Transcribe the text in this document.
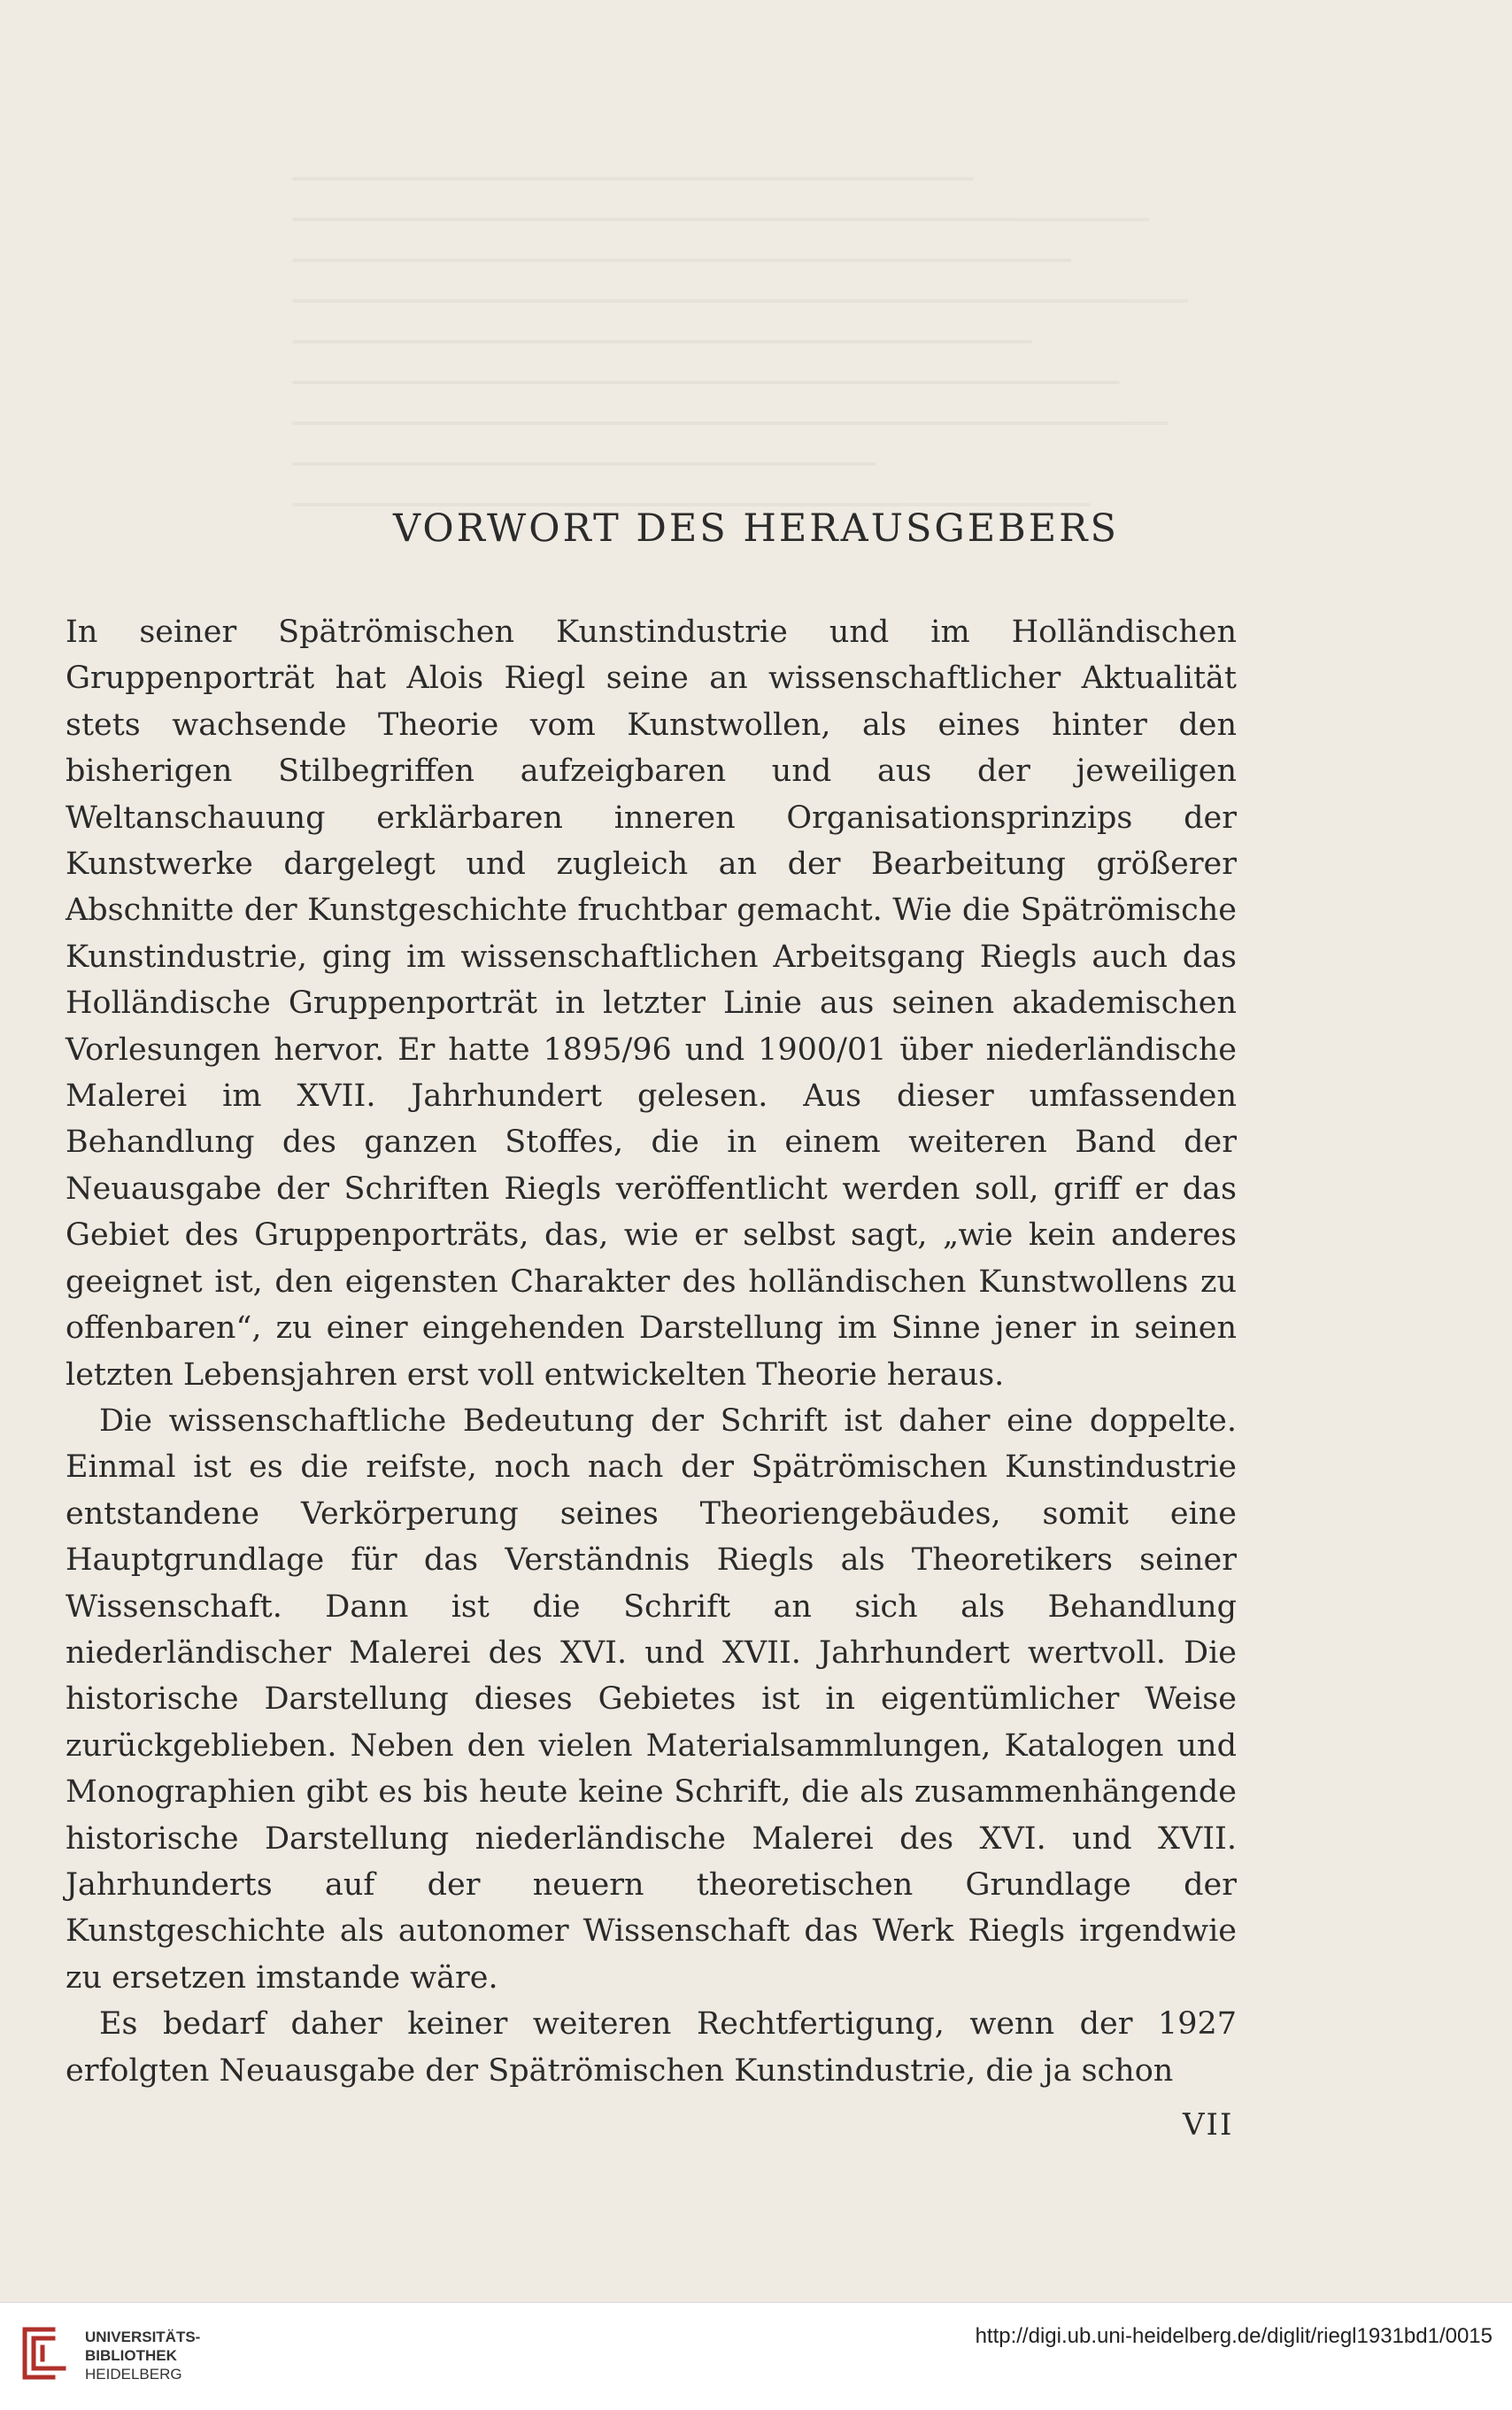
VORWORT DES HERAUSGEBERS

In seiner Spätrömischen Kunstindustrie und im Holländischen Gruppenporträt hat Alois Riegl seine an wissenschaftlicher Aktualität stets wachsende Theorie vom Kunstwollen, als eines hinter den bisherigen Stilbegriffen aufzeigbaren und aus der jeweiligen Weltanschauung erklärbaren inneren Organisationsprinzips der Kunstwerke dargelegt und zugleich an der Bearbeitung größerer Abschnitte der Kunstgeschichte fruchtbar gemacht. Wie die Spätrömische Kunstindustrie, ging im wissenschaftlichen Arbeitsgang Riegls auch das Holländische Gruppenporträt in letzter Linie aus seinen akademischen Vorlesungen hervor. Er hatte 1895/96 und 1900/01 über niederländische Malerei im XVII. Jahrhundert gelesen. Aus dieser umfassenden Behandlung des ganzen Stoffes, die in einem weiteren Band der Neuausgabe der Schriften Riegls veröffentlicht werden soll, griff er das Gebiet des Gruppenporträts, das, wie er selbst sagt, „wie kein anderes geeignet ist, den eigensten Charakter des holländischen Kunstwollens zu offenbaren“, zu einer eingehenden Darstellung im Sinne jener in seinen letzten Lebensjahren erst voll entwickelten Theorie heraus.

Die wissenschaftliche Bedeutung der Schrift ist daher eine doppelte. Einmal ist es die reifste, noch nach der Spätrömischen Kunstindustrie entstandene Verkörperung seines Theoriengebäudes, somit eine Hauptgrundlage für das Verständnis Riegls als Theoretikers seiner Wissenschaft. Dann ist die Schrift an sich als Behandlung niederländischer Malerei des XVI. und XVII. Jahrhundert wertvoll. Die historische Darstellung dieses Gebietes ist in eigentümlicher Weise zurückgeblieben. Neben den vielen Materialsammlungen, Katalogen und Monographien gibt es bis heute keine Schrift, die als zusammenhängende historische Darstellung niederländische Malerei des XVI. und XVII. Jahrhunderts auf der neuern theoretischen Grundlage der Kunstgeschichte als autonomer Wissenschaft das Werk Riegls irgendwie zu ersetzen imstande wäre.

Es bedarf daher keiner weiteren Rechtfertigung, wenn der 1927 erfolgten Neuausgabe der Spätrömischen Kunstindustrie, die ja schon

VII
UNIVERSITÄTS-
BIBLIOTHEK
HEIDELBERG
http://digi.ub.uni-heidelberg.de/diglit/riegl1931bd1/0015
